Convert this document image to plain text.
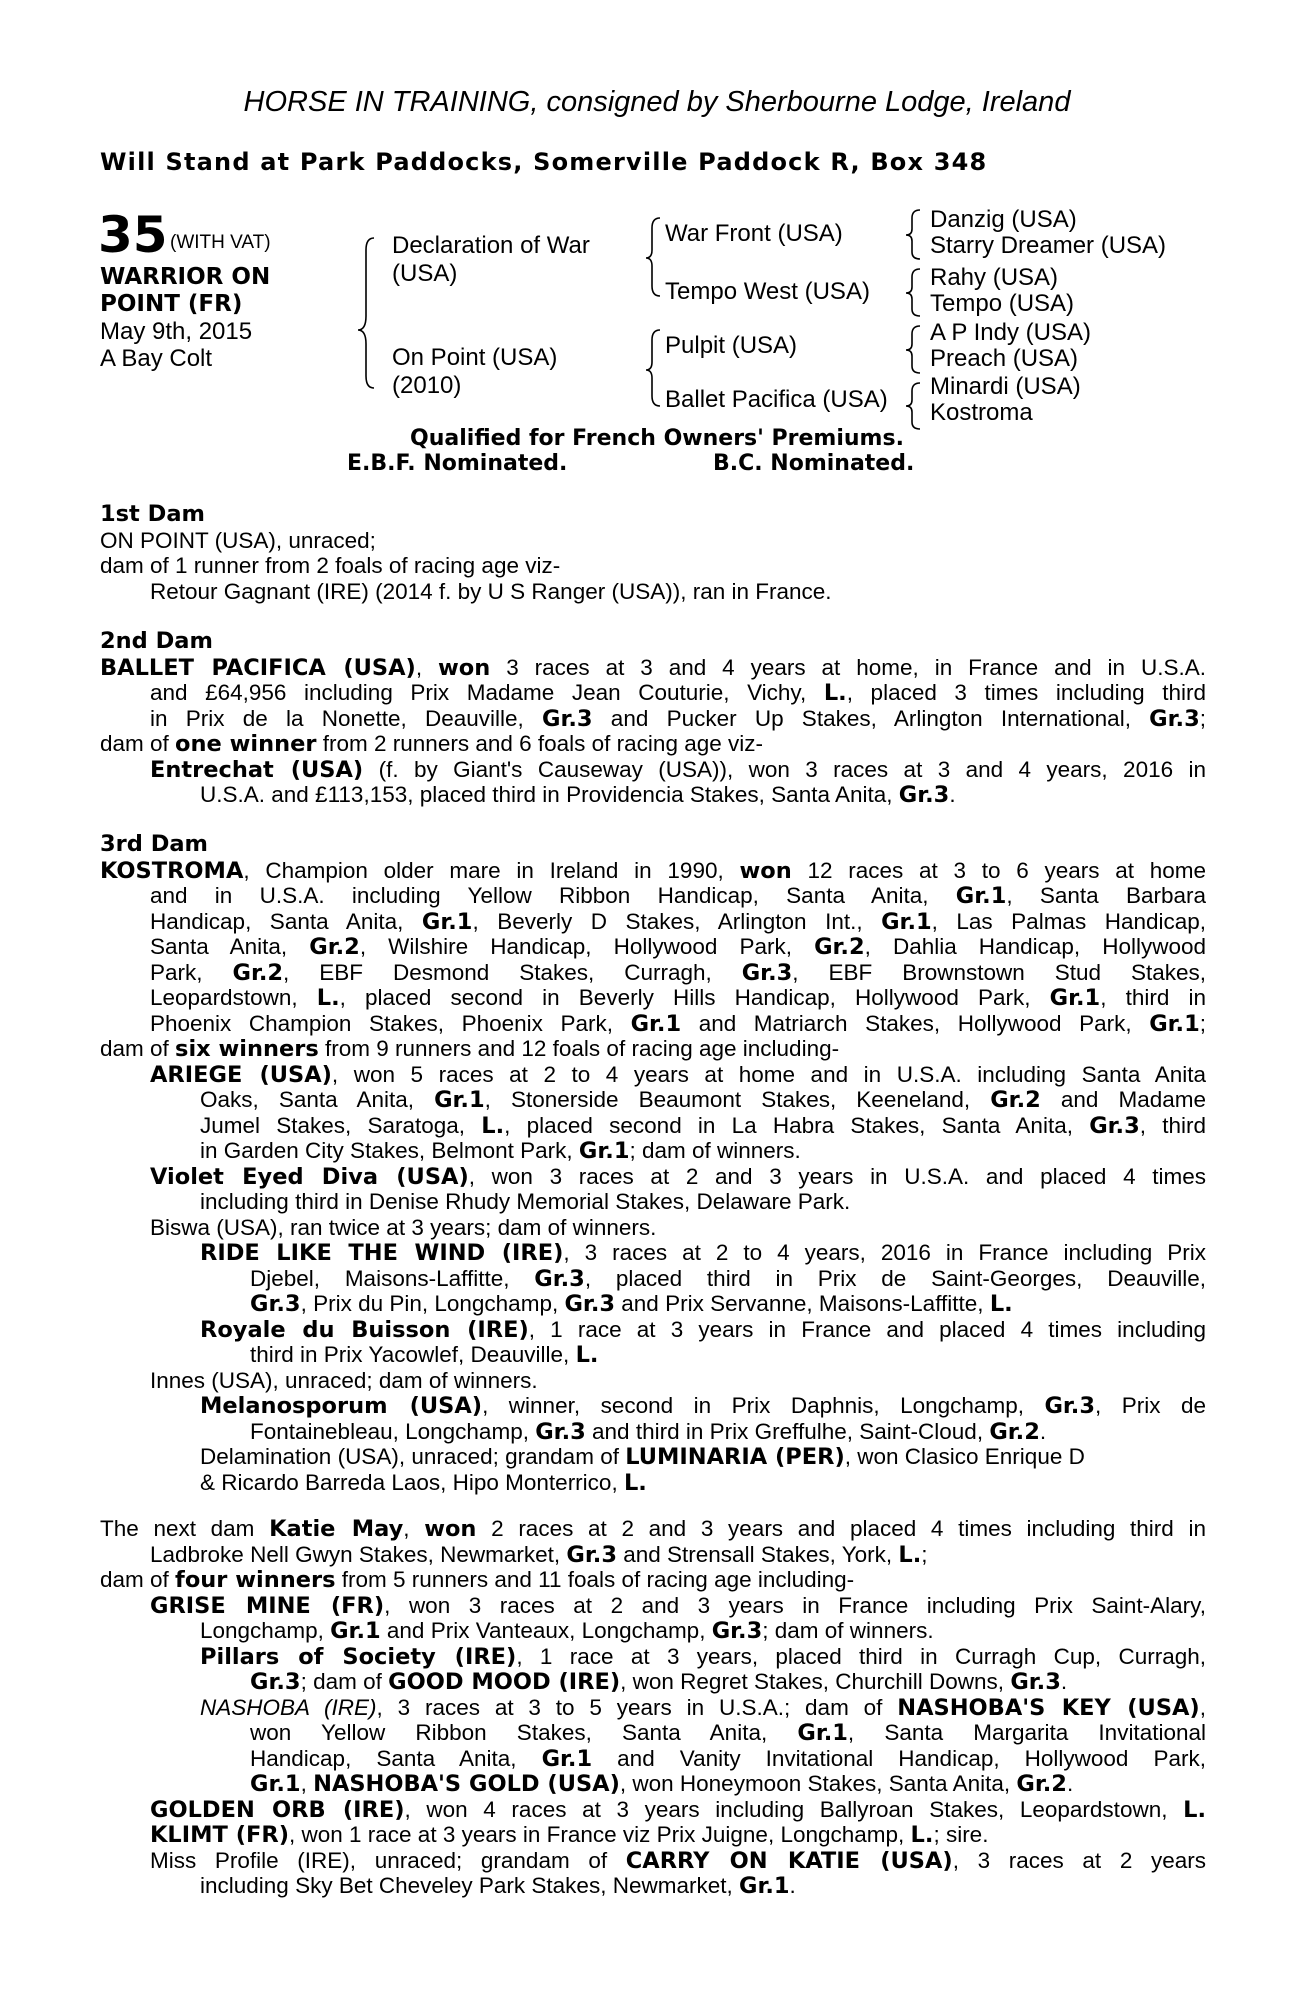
HORSE IN TRAINING, consigned by Sherbourne Lodge, Ireland
Will Stand at Park Paddocks, Somerville Paddock R, Box 348
35 (WITH VAT)
WARRIOR ON
POINT (FR)
May 9th, 2015
A Bay Colt
Declaration of War
(USA)
On Point (USA)
(2010)
War Front (USA)
Tempo West (USA)
Pulpit (USA)
Ballet Pacifica (USA)
Danzig (USA)
Starry Dreamer (USA)
Rahy (USA)
Tempo (USA)
A P Indy (USA)
Preach (USA)
Minardi (USA)
Kostroma
Qualified for French Owners' Premiums.
E.B.F. Nominated.	B.C. Nominated.
1st Dam
ON POINT (USA), unraced;
dam of 1 runner from 2 foals of racing age viz-
Retour Gagnant (IRE) (2014 f. by U S Ranger (USA)), ran in France.
2nd Dam
BALLET PACIFICA (USA), won 3 races at 3 and 4 years at home, in France and in U.S.A.
and £64,956 including Prix Madame Jean Couturie, Vichy, L., placed 3 times including third
in Prix de la Nonette, Deauville, Gr.3 and Pucker Up Stakes, Arlington International, Gr.3;
dam of one winner from 2 runners and 6 foals of racing age viz-
Entrechat (USA) (f. by Giant's Causeway (USA)), won 3 races at 3 and 4 years, 2016 in
U.S.A. and £113,153, placed third in Providencia Stakes, Santa Anita, Gr.3.
3rd Dam
KOSTROMA, Champion older mare in Ireland in 1990, won 12 races at 3 to 6 years at home
and in U.S.A. including Yellow Ribbon Handicap, Santa Anita, Gr.1, Santa Barbara
Handicap, Santa Anita, Gr.1, Beverly D Stakes, Arlington Int., Gr.1, Las Palmas Handicap,
Santa Anita, Gr.2, Wilshire Handicap, Hollywood Park, Gr.2, Dahlia Handicap, Hollywood
Park, Gr.2, EBF Desmond Stakes, Curragh, Gr.3, EBF Brownstown Stud Stakes,
Leopardstown, L., placed second in Beverly Hills Handicap, Hollywood Park, Gr.1, third in
Phoenix Champion Stakes, Phoenix Park, Gr.1 and Matriarch Stakes, Hollywood Park, Gr.1;
dam of six winners from 9 runners and 12 foals of racing age including-
ARIEGE (USA), won 5 races at 2 to 4 years at home and in U.S.A. including Santa Anita
Oaks, Santa Anita, Gr.1, Stonerside Beaumont Stakes, Keeneland, Gr.2 and Madame
Jumel Stakes, Saratoga, L., placed second in La Habra Stakes, Santa Anita, Gr.3, third
in Garden City Stakes, Belmont Park, Gr.1; dam of winners.
Violet Eyed Diva (USA), won 3 races at 2 and 3 years in U.S.A. and placed 4 times
including third in Denise Rhudy Memorial Stakes, Delaware Park.
Biswa (USA), ran twice at 3 years; dam of winners.
RIDE LIKE THE WIND (IRE), 3 races at 2 to 4 years, 2016 in France including Prix
Djebel, Maisons-Laffitte, Gr.3, placed third in Prix de Saint-Georges, Deauville,
Gr.3, Prix du Pin, Longchamp, Gr.3 and Prix Servanne, Maisons-Laffitte, L.
Royale du Buisson (IRE), 1 race at 3 years in France and placed 4 times including
third in Prix Yacowlef, Deauville, L.
Innes (USA), unraced; dam of winners.
Melanosporum (USA), winner, second in Prix Daphnis, Longchamp, Gr.3, Prix de
Fontainebleau, Longchamp, Gr.3 and third in Prix Greffulhe, Saint-Cloud, Gr.2.
Delamination (USA), unraced; grandam of LUMINARIA (PER), won Clasico Enrique D
& Ricardo Barreda Laos, Hipo Monterrico, L.
The next dam Katie May, won 2 races at 2 and 3 years and placed 4 times including third in
Ladbroke Nell Gwyn Stakes, Newmarket, Gr.3 and Strensall Stakes, York, L.;
dam of four winners from 5 runners and 11 foals of racing age including-
GRISE MINE (FR), won 3 races at 2 and 3 years in France including Prix Saint-Alary,
Longchamp, Gr.1 and Prix Vanteaux, Longchamp, Gr.3; dam of winners.
Pillars of Society (IRE), 1 race at 3 years, placed third in Curragh Cup, Curragh,
Gr.3; dam of GOOD MOOD (IRE), won Regret Stakes, Churchill Downs, Gr.3.
NASHOBA (IRE), 3 races at 3 to 5 years in U.S.A.; dam of NASHOBA'S KEY (USA),
won Yellow Ribbon Stakes, Santa Anita, Gr.1, Santa Margarita Invitational
Handicap, Santa Anita, Gr.1 and Vanity Invitational Handicap, Hollywood Park,
Gr.1, NASHOBA'S GOLD (USA), won Honeymoon Stakes, Santa Anita, Gr.2.
GOLDEN ORB (IRE), won 4 races at 3 years including Ballyroan Stakes, Leopardstown, L.
KLIMT (FR), won 1 race at 3 years in France viz Prix Juigne, Longchamp, L.; sire.
Miss Profile (IRE), unraced; grandam of CARRY ON KATIE (USA), 3 races at 2 years
including Sky Bet Cheveley Park Stakes, Newmarket, Gr.1.
